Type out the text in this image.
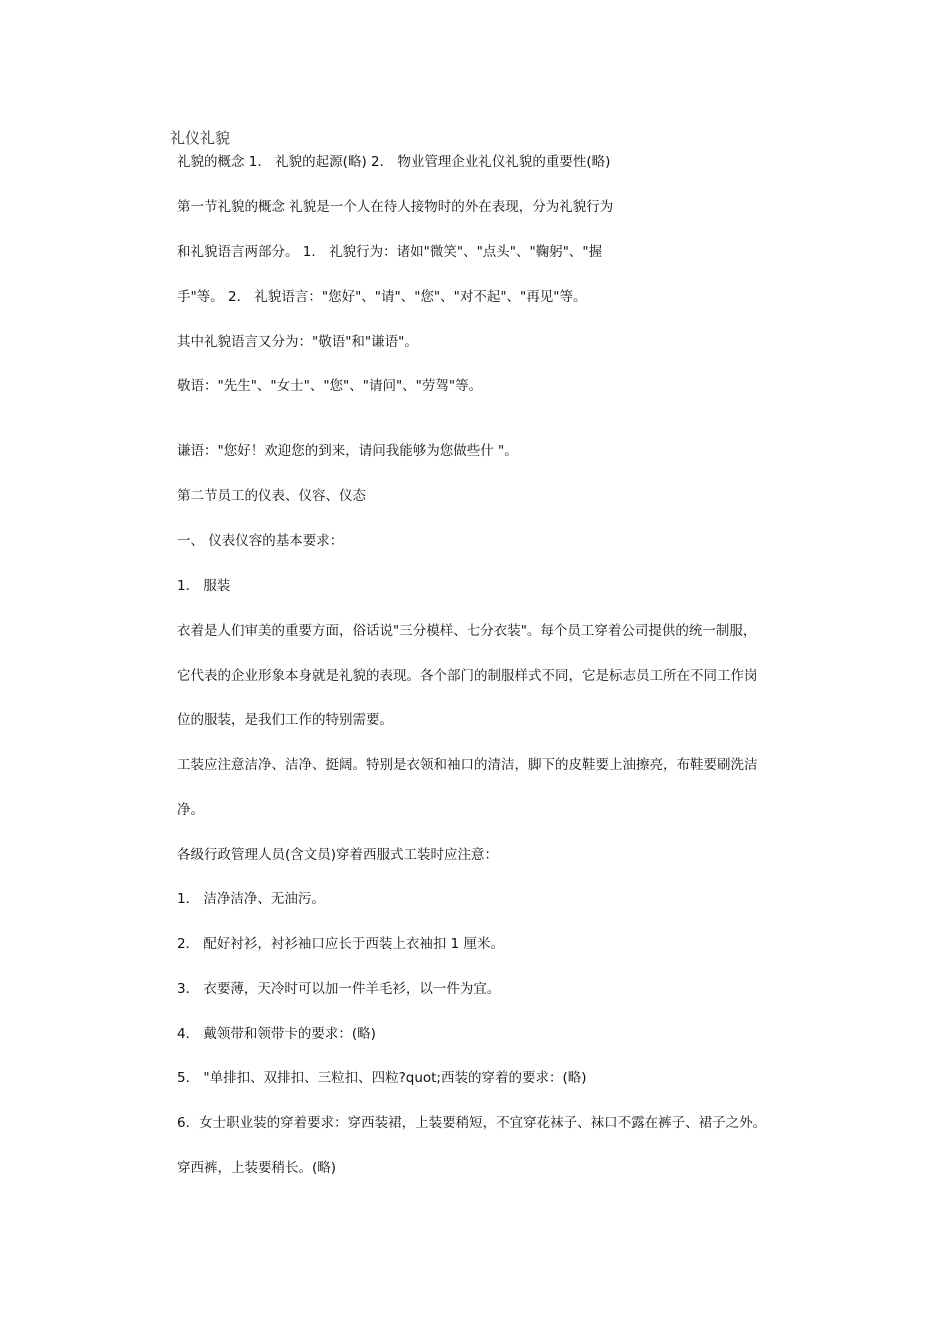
礼仪礼貌
礼貌的概念 1． 礼貌的起源(略) 2． 物业管理企业礼仪礼貌的重要性(略)
第一节礼貌的概念 礼貌是一个人在待人接物时的外在表现，分为礼貌行为
和礼貌语言两部分。 1． 礼貌行为：诸如"微笑"、"点头"、"鞠躬"、"握
手"等。 2． 礼貌语言："您好"、"请"、"您"、"对不起"、"再见"等。
其中礼貌语言又分为："敬语"和"谦语"。
敬语："先生"、"女士"、"您"、"请问"、"劳驾"等。
谦语："您好！欢迎您的到来，请问我能够为您做些什 "。
第二节员工的仪表、仪容、仪态
一、 仪表仪容的基本要求：
1． 服装
衣着是人们审美的重要方面，俗话说"三分模样、七分衣装"。每个员工穿着公司提供的统一制服，
它代表的企业形象本身就是礼貌的表现。各个部门的制服样式不同，它是标志员工所在不同工作岗
位的服装，是我们工作的特别需要。
工装应注意洁净、洁净、挺阔。特别是衣领和袖口的清洁，脚下的皮鞋要上油擦亮，布鞋要刷洗洁
净。
各级行政管理人员(含文员)穿着西服式工装时应注意：
1． 洁净洁净、无油污。
2． 配好衬衫，衬衫袖口应长于西装上衣袖扣 1 厘米。
3． 衣要薄，天冷时可以加一件羊毛衫，以一件为宜。
4． 戴领带和领带卡的要求：(略)
5． "单排扣、双排扣、三粒扣、四粒?quot;西装的穿着的要求：(略)
6．女士职业装的穿着要求：穿西装裙，上装要稍短，不宜穿花袜子、袜口不露在裤子、裙子之外。
穿西裤，上装要稍长。(略)
